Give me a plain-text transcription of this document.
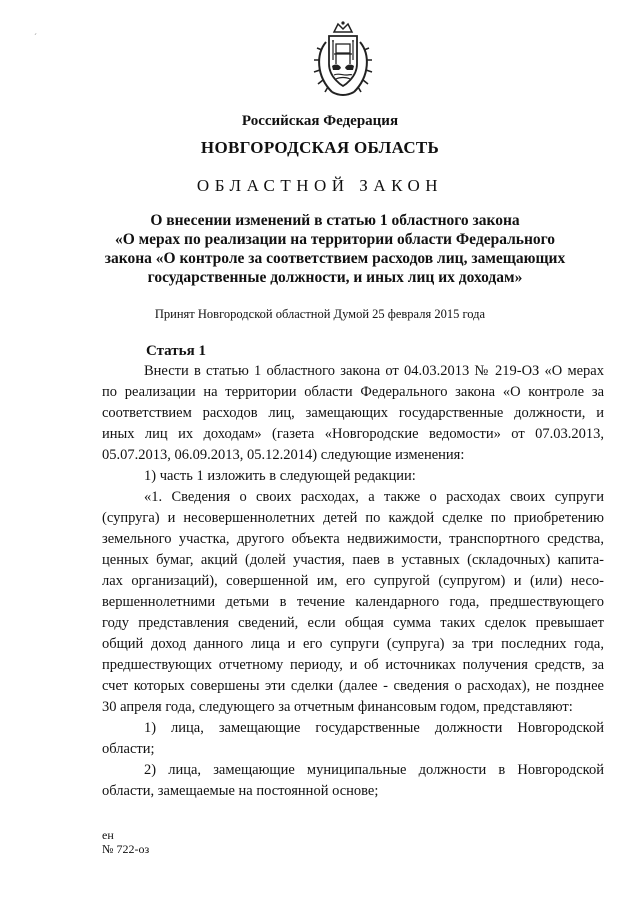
´
Российская Федерация
НОВГОРОДСКАЯ ОБЛАСТЬ
ОБЛАСТНОЙ ЗАКОН
О внесении изменений в статью 1 областного закона
«О мерах по реализации на территории области Федерального
закона «О контроле за соответствием расходов лиц, замещающих
государственные должности, и иных лиц их доходам»
Принят Новгородской областной Думой 25 февраля 2015 года
Статья 1
Внести в статью 1 областного закона от 04.03.2013 № 219-ОЗ «О мерах
по реализации на территории области Федерального закона «О контроле за
соответствием расходов лиц, замещающих государственные должности, и
иных лиц их доходам» (газета «Новгородские ведомости» от 07.03.2013,
05.07.2013, 06.09.2013, 05.12.2014) следующие изменения:
1) часть 1 изложить в следующей редакции:
«1. Сведения о своих расходах, а также о расходах своих супруги
(супруга) и несовершеннолетних детей по каждой сделке по приобретению
земельного участка, другого объекта недвижимости, транспортного средства,
ценных бумаг, акций (долей участия, паев в уставных (складочных) капита-
лах организаций), совершенной им, его супругой (супругом) и (или) несо-
вершеннолетними детьми в течение календарного года, предшествующего
году представления сведений, если общая сумма таких сделок превышает
общий доход данного лица и его супруги (супруга) за три последних года,
предшествующих отчетному периоду, и об источниках получения средств, за
счет которых совершены эти сделки (далее - сведения о расходах), не позднее
30 апреля года, следующего за отчетным финансовым годом, представляют:
1) лица, замещающие государственные должности Новгородской
области;
2) лица, замещающие муниципальные должности в Новгородской
области, замещаемые на постоянной основе;
ен
№ 722-оз
